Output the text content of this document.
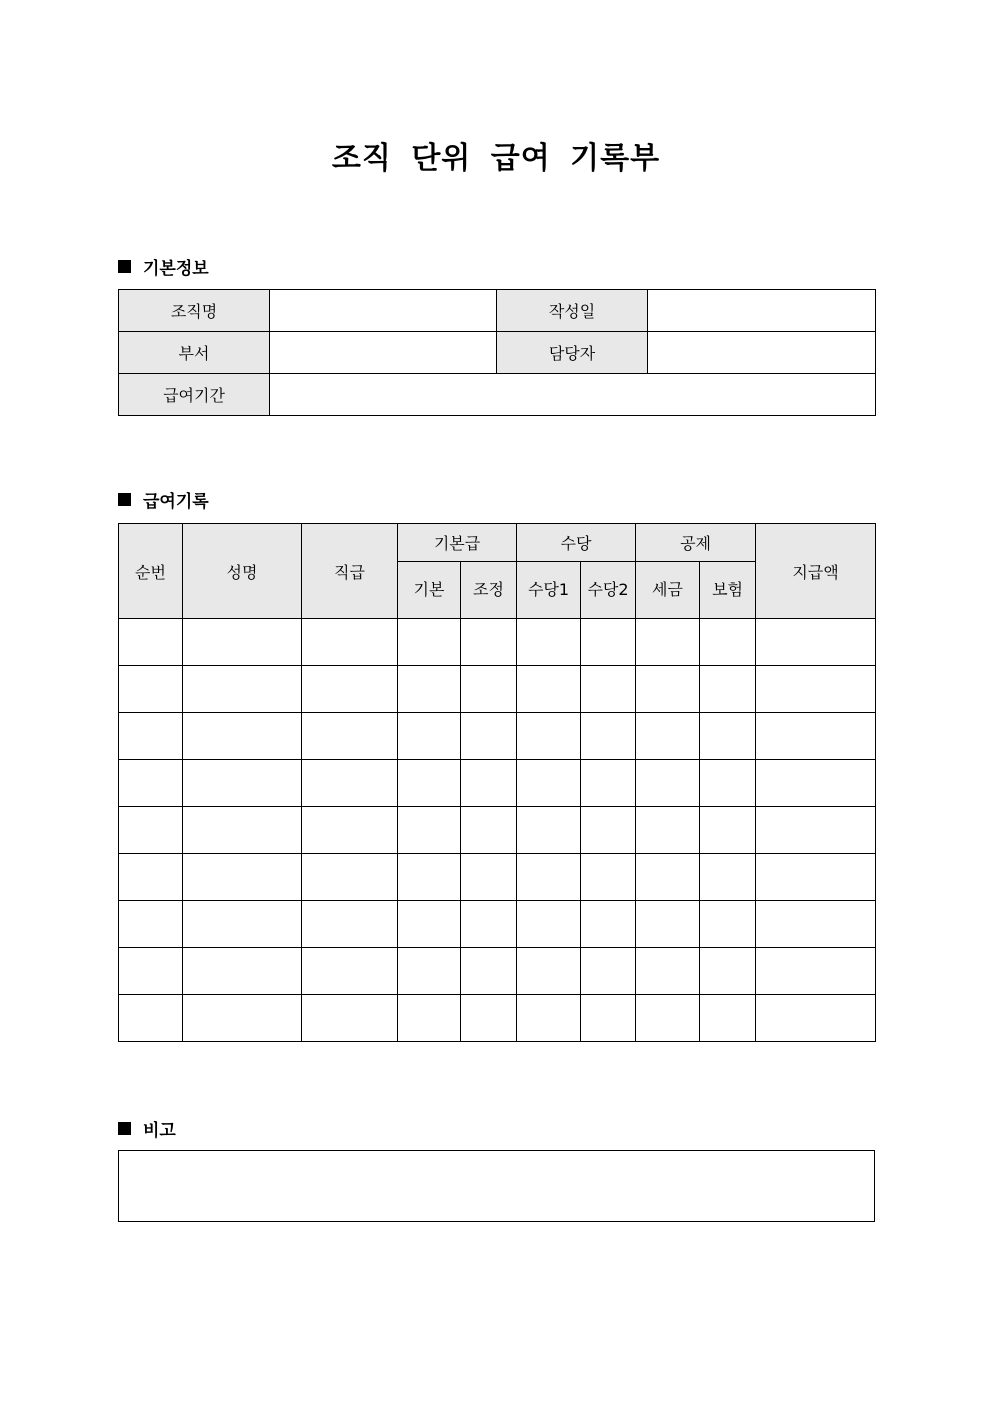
조직 단위 급여 기록부
기본정보
조직명		작성일	
부서		담당자	
급여기간			
급여기록
순번	성명	직급	기본급		수당		공제		지급액
			기본	조정	수당1	수당2	세금	보험	

비고
